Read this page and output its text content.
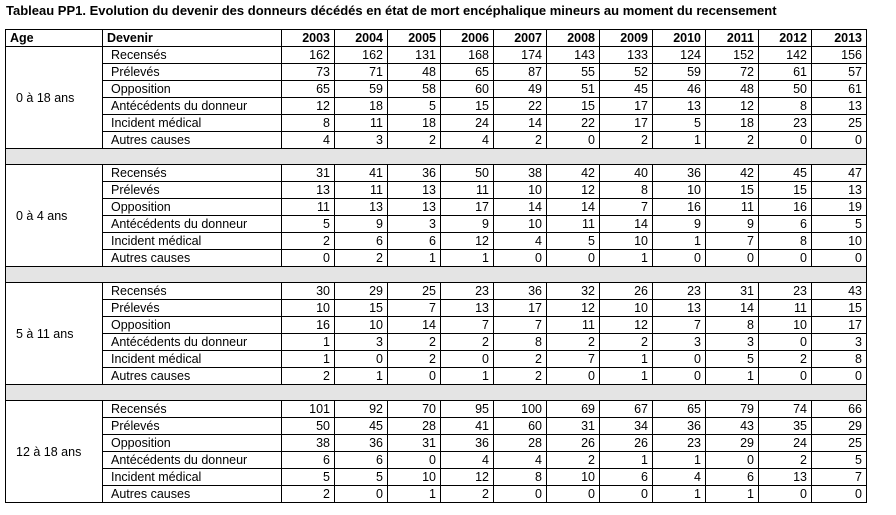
Tableau PP1. Evolution du devenir des donneurs décédés en état de mort encéphalique mineurs au moment du recensement
Age	Devenir	2003	2004	2005	2006	2007	2008	2009	2010	2011	2012	2013
0 à 18 ans	Recensés	162	162	131	168	174	143	133	124	152	142	156
	Prélevés	73	71	48	65	87	55	52	59	72	61	57
	Opposition	65	59	58	60	49	51	45	46	48	50	61
	Antécédents du donneur	12	18	5	15	22	15	17	13	12	8	13
	Incident médical	8	11	18	24	14	22	17	5	18	23	25
	Autres causes	4	3	2	4	2	0	2	1	2	0	0

0 à 4 ans	Recensés	31	41	36	50	38	42	40	36	42	45	47
	Prélevés	13	11	13	11	10	12	8	10	15	15	13
	Opposition	11	13	13	17	14	14	7	16	11	16	19
	Antécédents du donneur	5	9	3	9	10	11	14	9	9	6	5
	Incident médical	2	6	6	12	4	5	10	1	7	8	10
	Autres causes	0	2	1	1	0	0	1	0	0	0	0

5 à 11 ans	Recensés	30	29	25	23	36	32	26	23	31	23	43
	Prélevés	10	15	7	13	17	12	10	13	14	11	15
	Opposition	16	10	14	7	7	11	12	7	8	10	17
	Antécédents du donneur	1	3	2	2	8	2	2	3	3	0	3
	Incident médical	1	0	2	0	2	7	1	0	5	2	8
	Autres causes	2	1	0	1	2	0	1	0	1	0	0

12 à 18 ans	Recensés	101	92	70	95	100	69	67	65	79	74	66
	Prélevés	50	45	28	41	60	31	34	36	43	35	29
	Opposition	38	36	31	36	28	26	26	23	29	24	25
	Antécédents du donneur	6	6	0	4	4	2	1	1	0	2	5
	Incident médical	5	5	10	12	8	10	6	4	6	13	7
	Autres causes	2	0	1	2	0	0	0	1	1	0	0
